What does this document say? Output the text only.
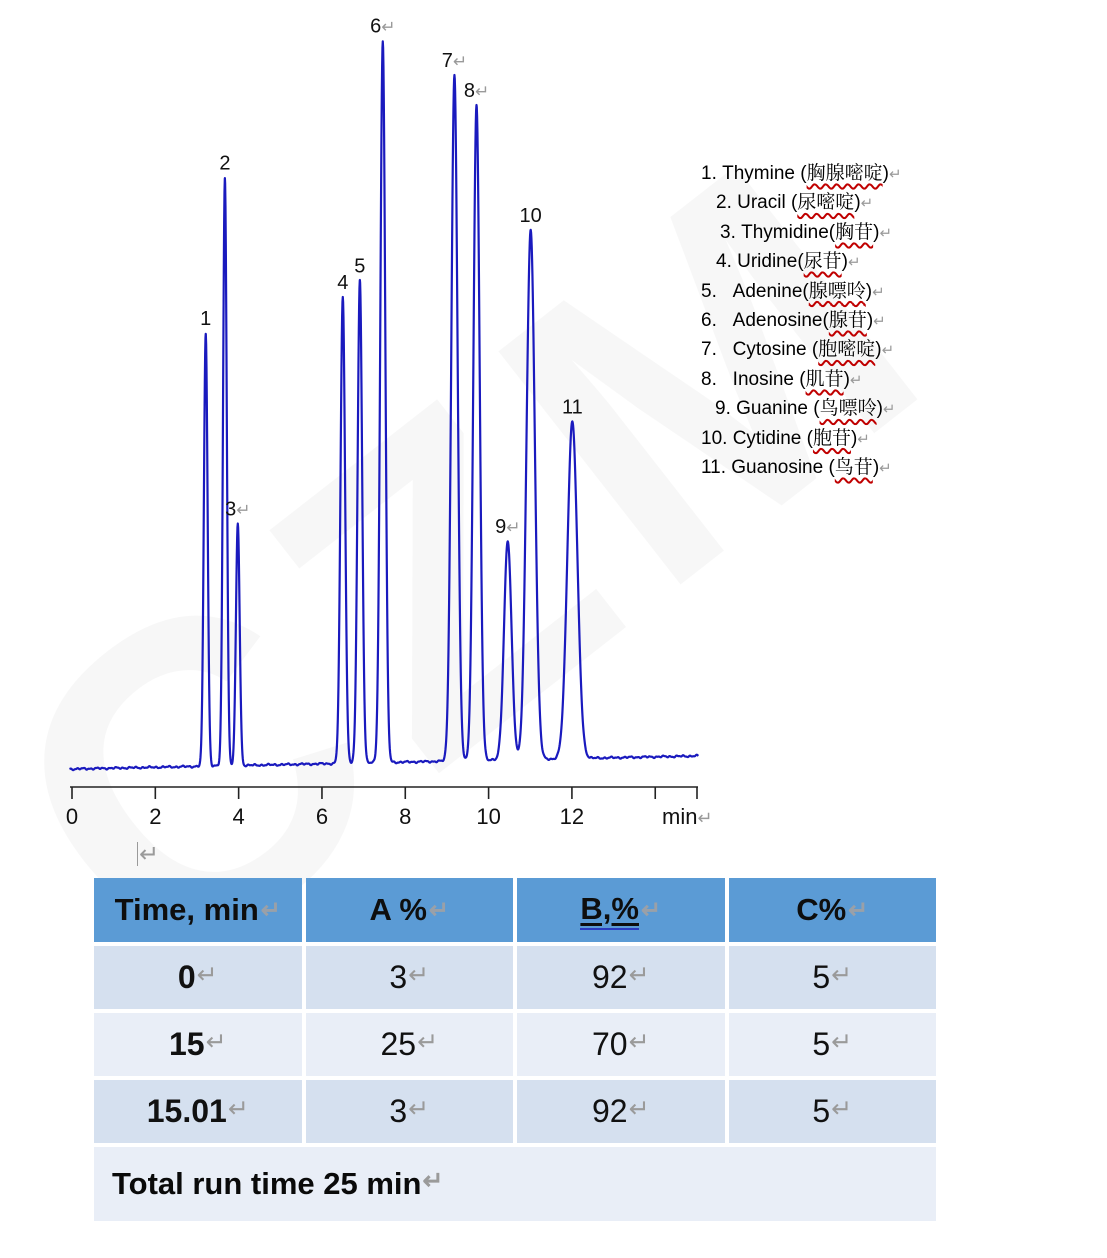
0	2	4	6	8	10	12	min↵
1
2
3↵
4
5
6↵
7↵
8↵
9↵
10
11
1. Thymine (胸腺嘧啶)↵
2. Uracil (尿嘧啶)↵
3. Thymidine(胸苷)↵
4. Uridine(尿苷)↵
5.   Adenine(腺嘌呤)↵
6.   Adenosine(腺苷)↵
7.   Cytosine (胞嘧啶)↵
8.   Inosine (肌苷)↵
9. Guanine (鸟嘌呤)↵
10. Cytidine (胞苷)↵
11. Guanosine (鸟苷)↵
↵
Time, min ↵	A % ↵	B,% ↵	C% ↵
0 ↵	3 ↵	92 ↵	5 ↵
15 ↵	25 ↵	70 ↵	5 ↵
15.01 ↵	3 ↵	92 ↵	5 ↵
Total run time 25 min ↵
